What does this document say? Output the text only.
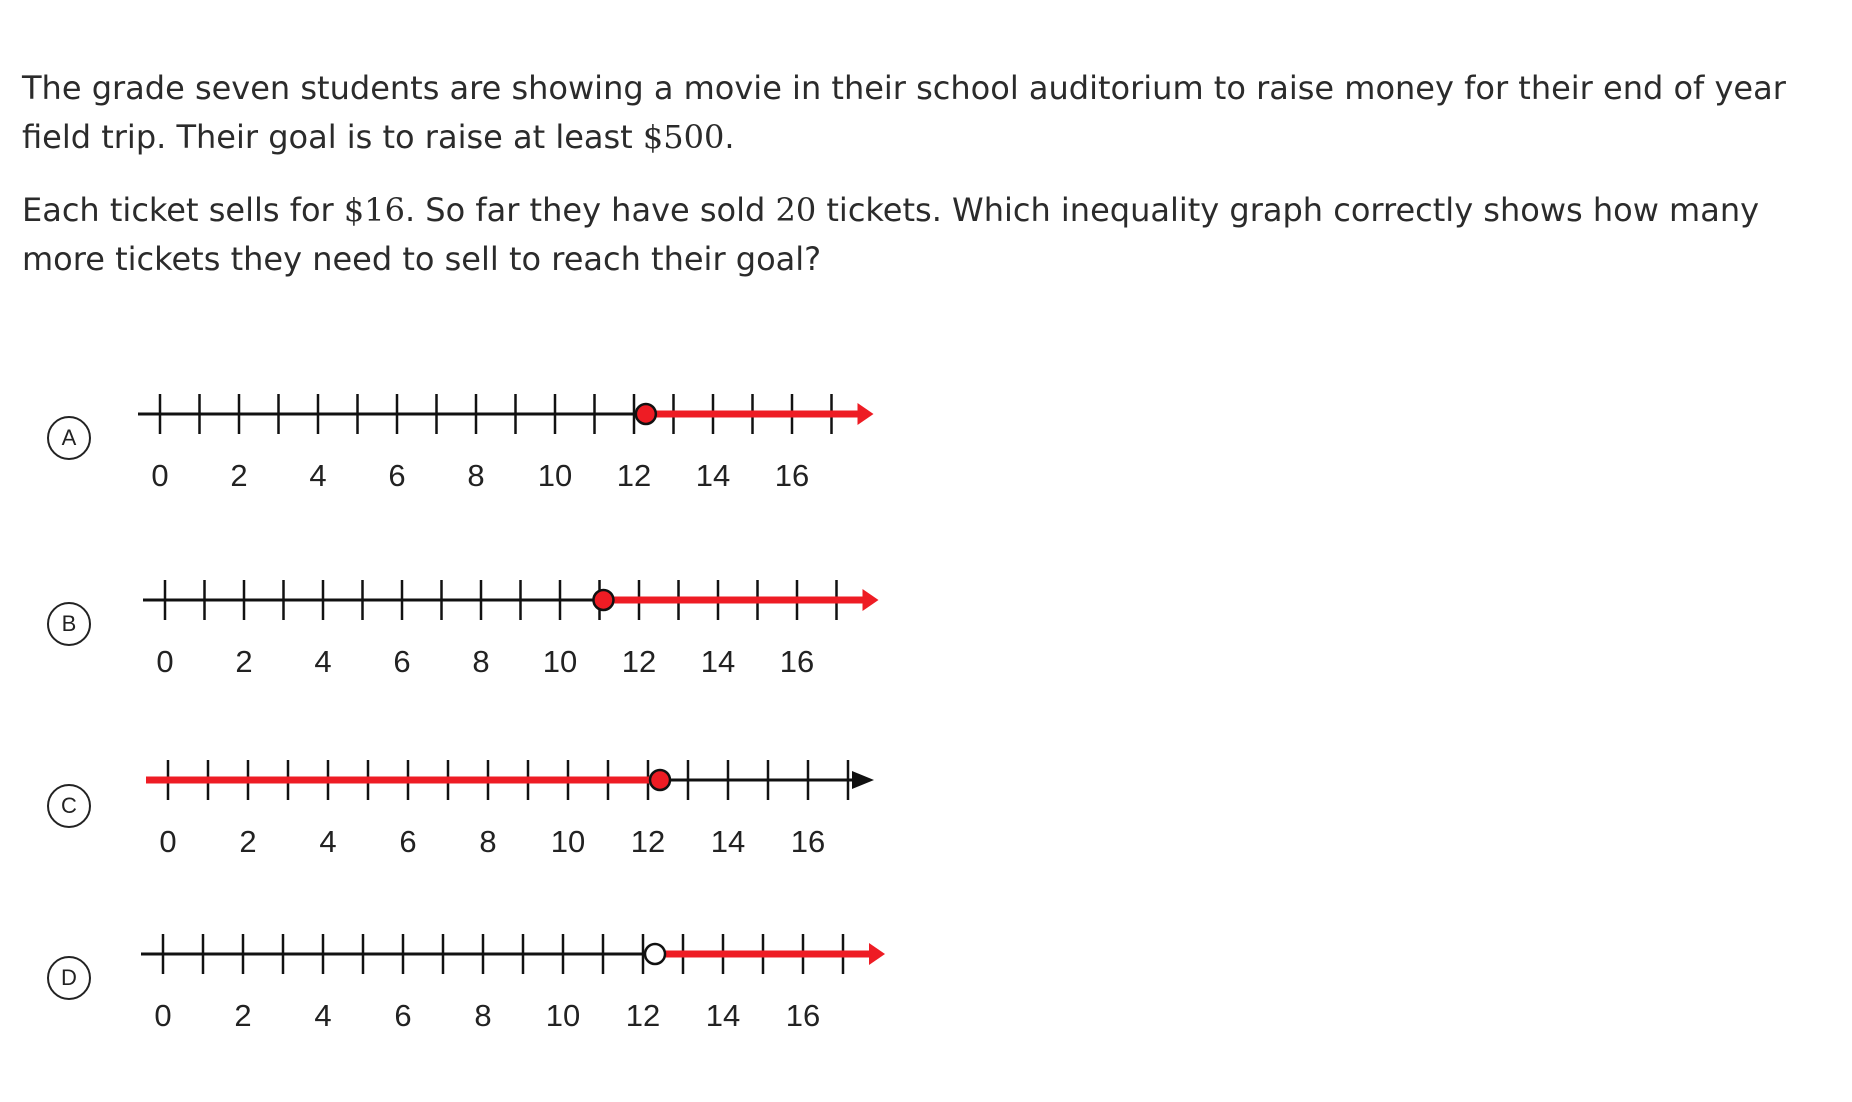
The grade seven students are showing a movie in their school auditorium to raise money for their end of year field trip. Their goal is to raise at least $500.

Each ticket sells for $16. So far they have sold 20 tickets. Which inequality graph correctly shows how many more tickets they need to sell to reach their goal?

A
0 2 4 6 8 10 12 14 16
B
0 2 4 6 8 10 12 14 16
C
0 2 4 6 8 10 12 14 16
D
0 2 4 6 8 10 12 14 16
